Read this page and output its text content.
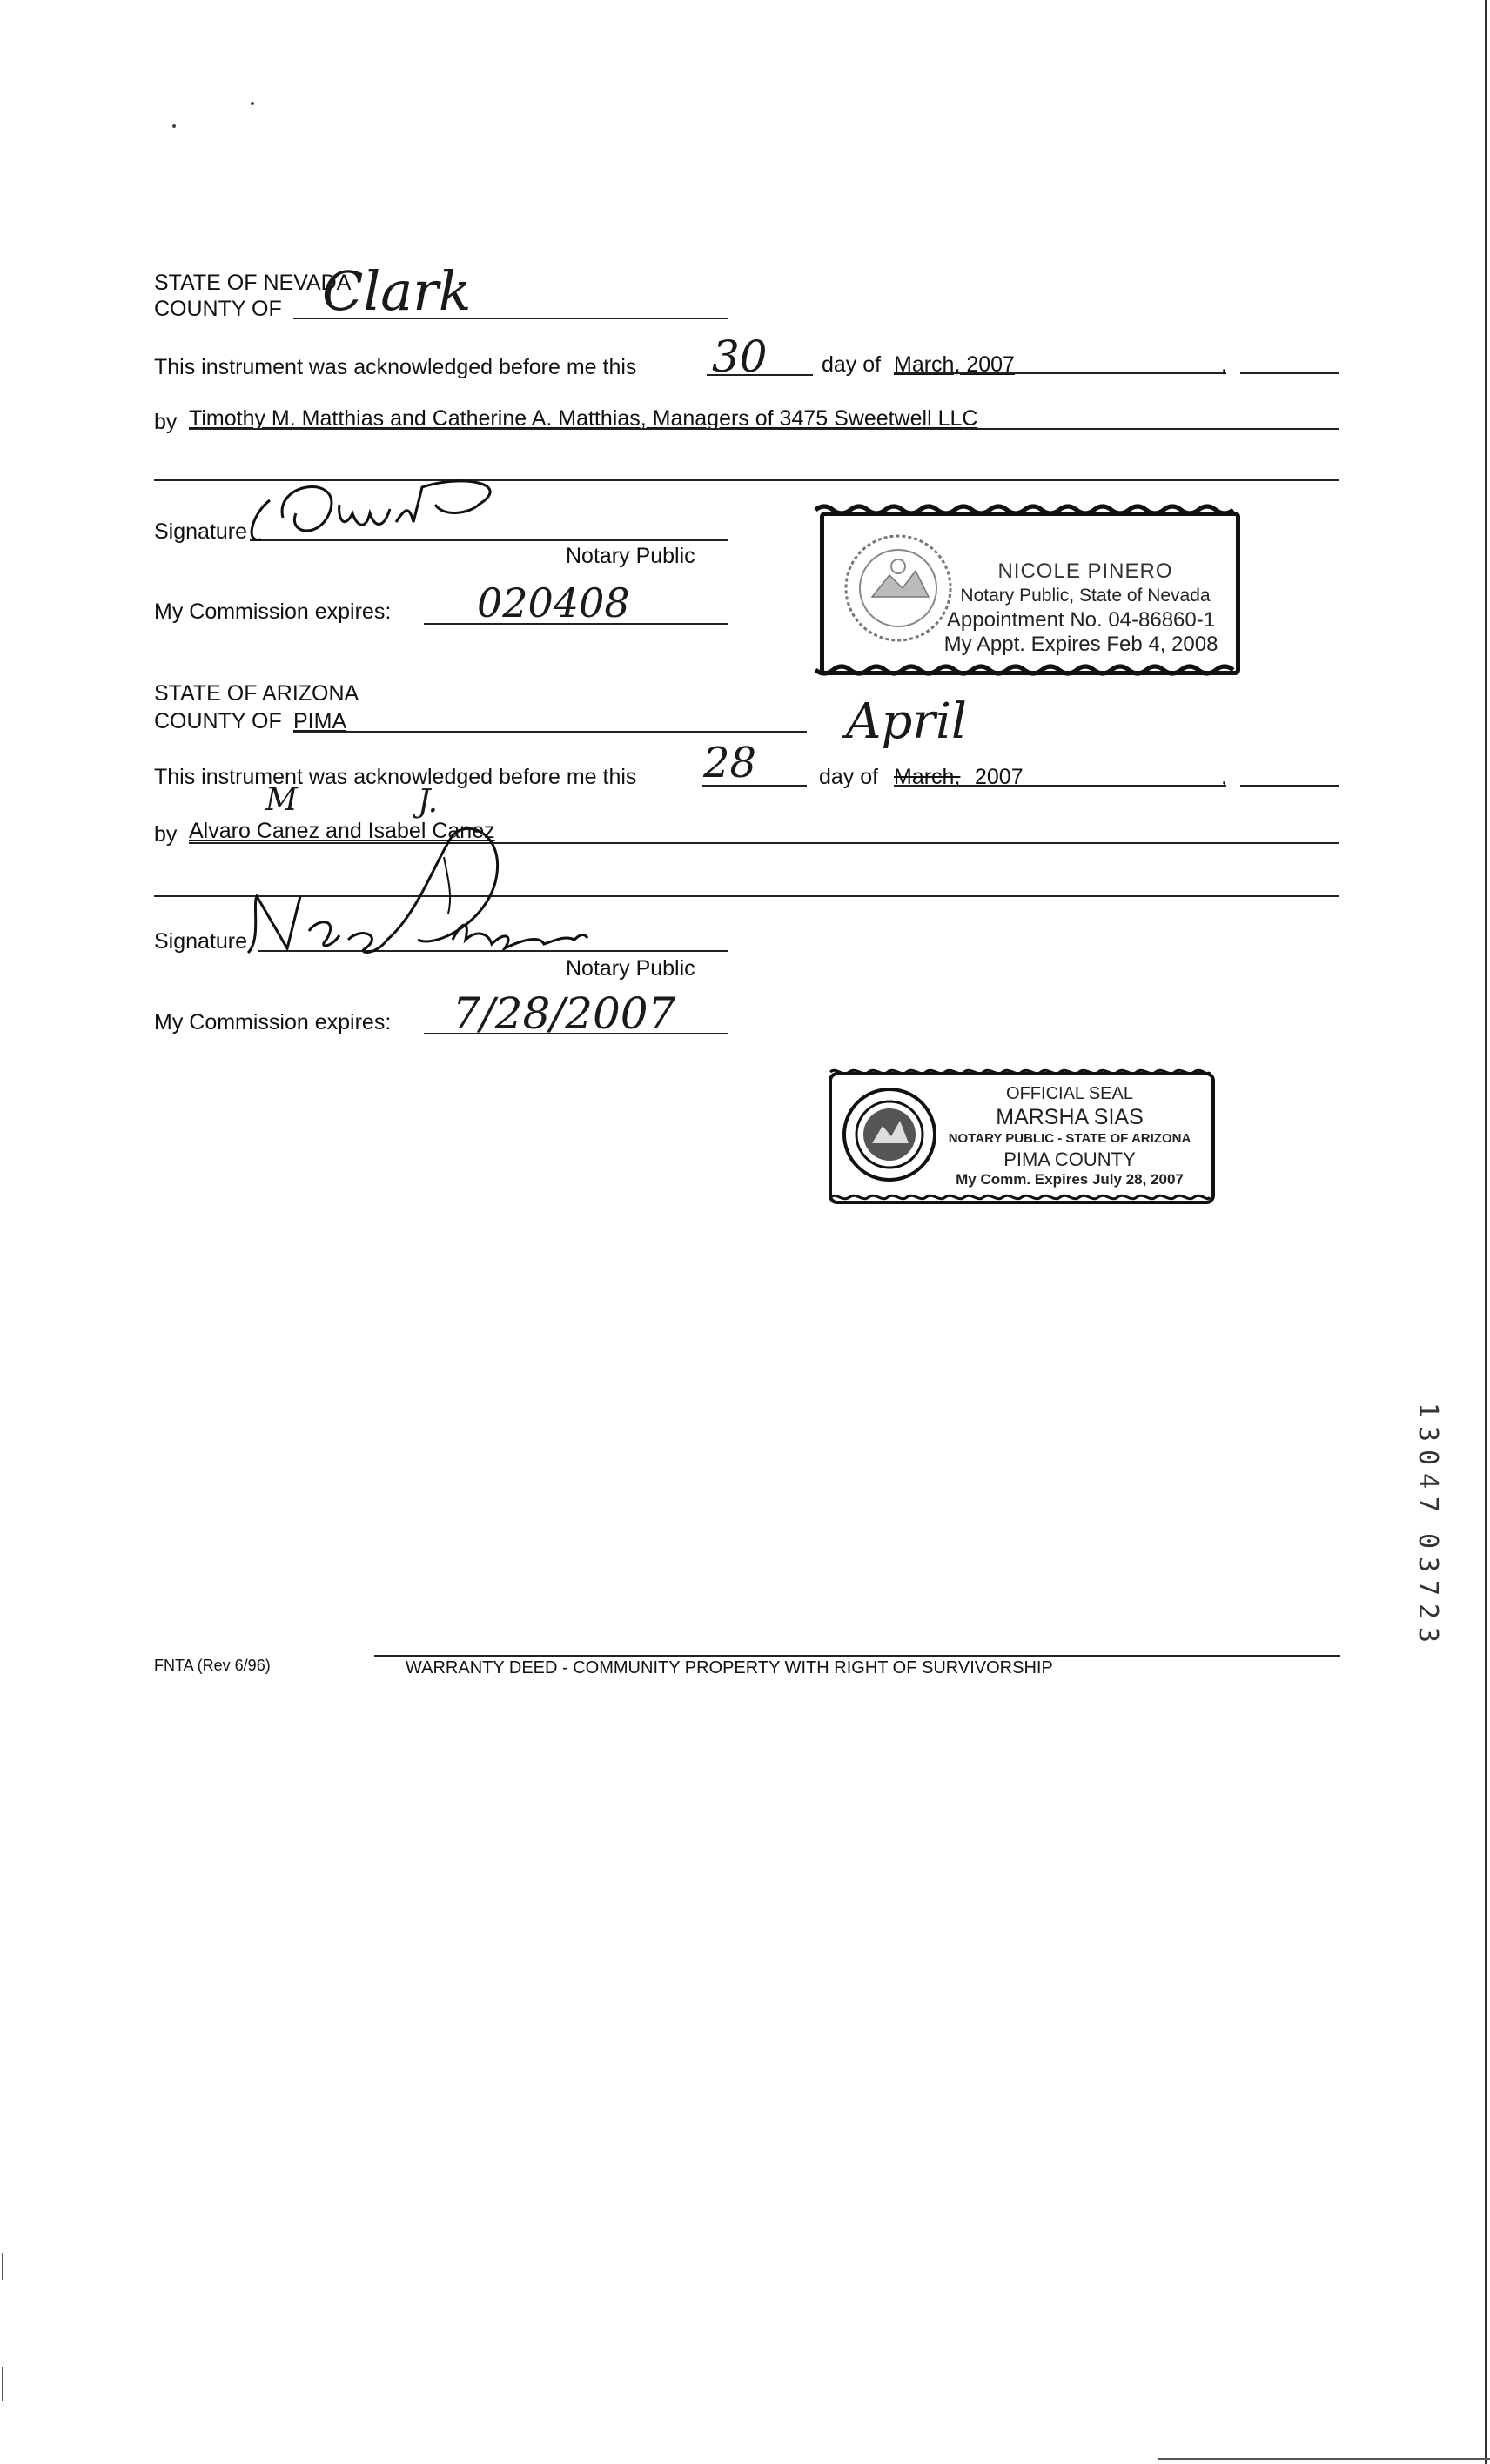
STATE OF NEVADA
COUNTY OF Clark
This instrument was acknowledged before me this 30 day of March, 2007	,
by Timothy M. Matthias and Catherine A. Matthias, Managers of 3475 Sweetwell LLC
Signature
Notary Public
My Commission expires: 020408
NICOLE PINERO
Notary Public, State of Nevada
Appointment No. 04-86860-1
My Appt. Expires Feb 4, 2008
STATE OF ARIZONA
COUNTY OF PIMA	April
This instrument was acknowledged before me this 28	day of March, 2007	,
M	J.
by Alvaro Canez and Isabel Canez
Signature
Notary Public
My Commission expires: 7/28/2007
OFFICIAL SEAL
MARSHA SIAS
NOTARY PUBLIC - STATE OF ARIZONA
PIMA COUNTY
My Comm. Expires July 28, 2007
1
3
0
4
7
0
3
7
2
3
FNTA (Rev 6/96)	WARRANTY DEED - COMMUNITY PROPERTY WITH RIGHT OF SURVIVORSHIP
